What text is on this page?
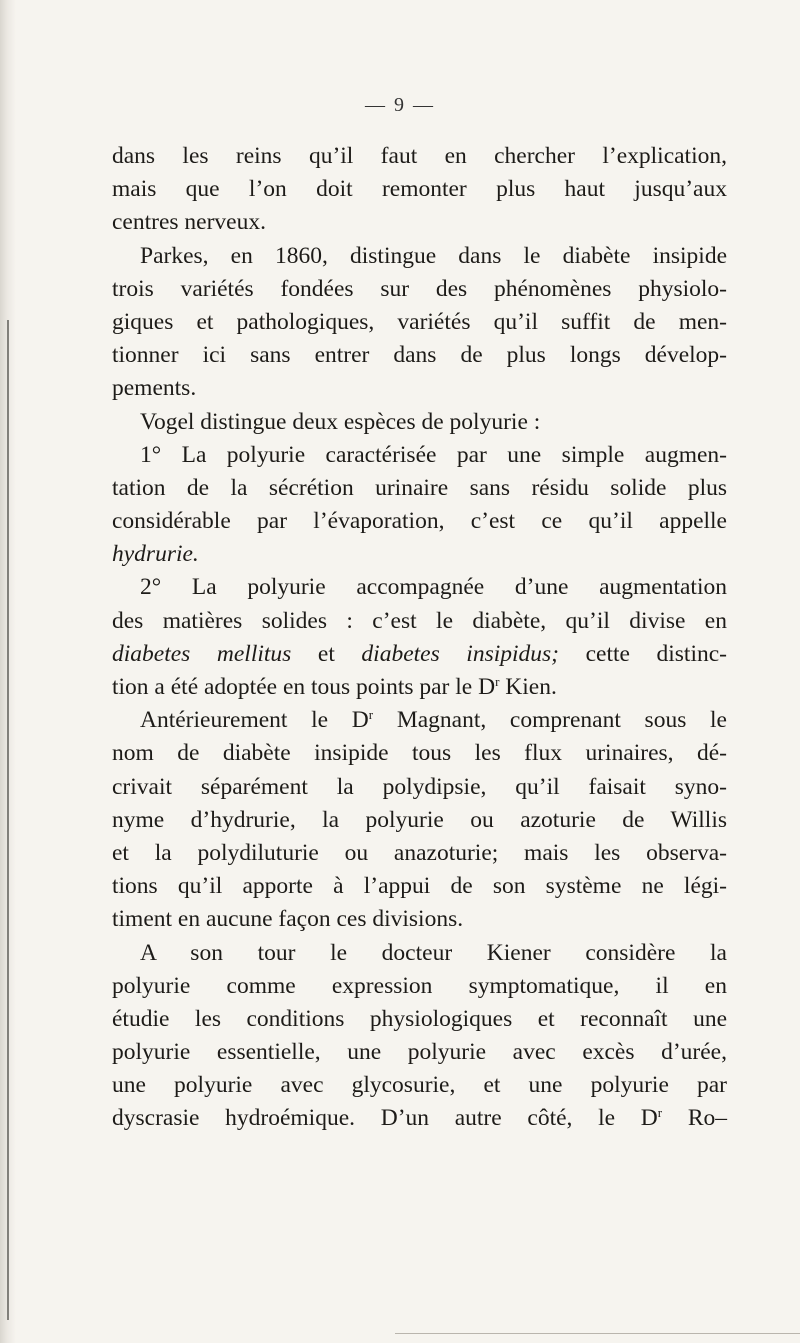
— 9 —
dans les reins qu’il faut en chercher l’explication,
mais que l’on doit remonter plus haut jusqu’aux
centres nerveux.
Parkes, en 1860, distingue dans le diabète insipide
trois variétés fondées sur des phénomènes physiolo-
giques et pathologiques, variétés qu’il suffit de men-
tionner ici sans entrer dans de plus longs dévelop-
pements.
Vogel distingue deux espèces de polyurie :
1° La polyurie caractérisée par une simple augmen-
tation de la sécrétion urinaire sans résidu solide plus
considérable par l’évaporation, c’est ce qu’il appelle
hydrurie.
2° La polyurie accompagnée d’une augmentation
des matières solides : c’est le diabète, qu’il divise en
diabetes mellitus et diabetes insipidus; cette distinc-
tion a été adoptée en tous points par le $D^r$ Kien.
Antérieurement le $D^r$ Magnant, comprenant sous le
nom de diabète insipide tous les flux urinaires, dé-
crivait séparément la polydipsie, qu’il faisait syno-
nyme d’hydrurie, la polyurie ou azoturie de Willis
et la polydiluturie ou anazoturie; mais les observa-
tions qu’il apporte à l’appui de son système ne légi-
timent en aucune façon ces divisions.
A son tour le docteur Kiener considère la
polyurie comme expression symptomatique, il en
étudie les conditions physiologiques et reconnaît une
polyurie essentielle, une polyurie avec excès d’urée,
une polyurie avec glycosurie, et une polyurie par
dyscrasie hydroémique. D’un autre côté, le $D^r$ Ro–
